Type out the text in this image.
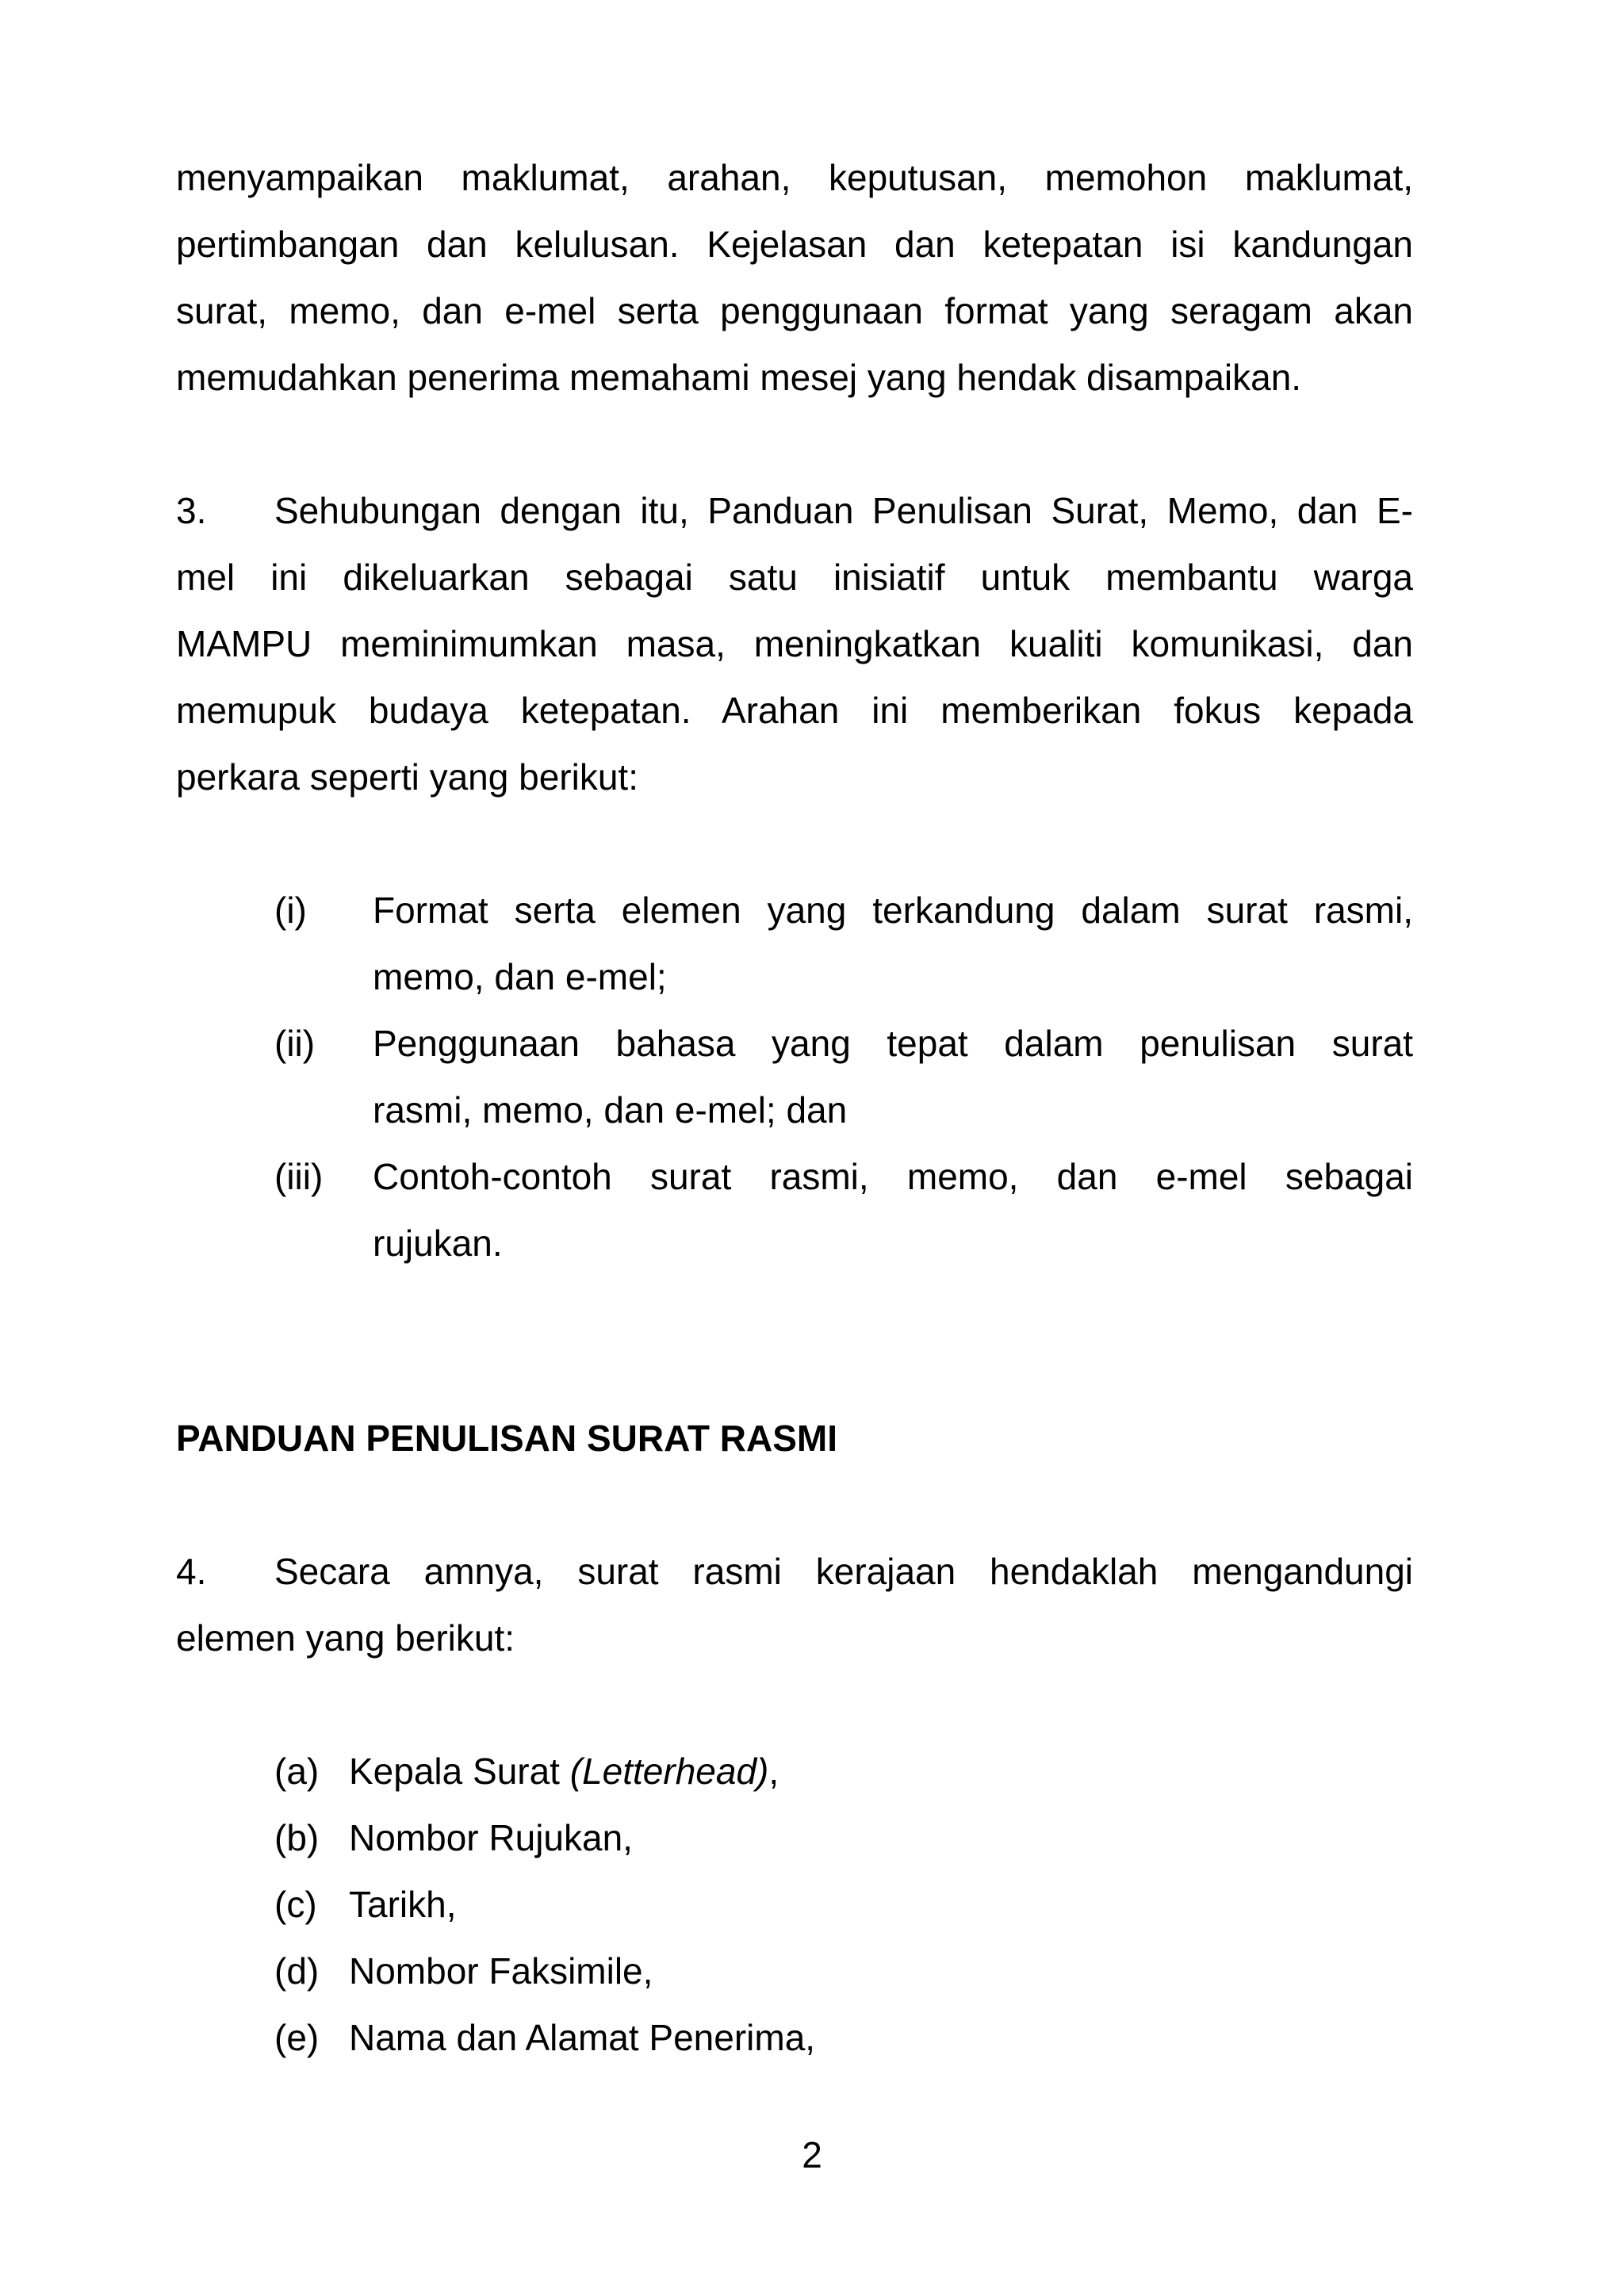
menyampaikan maklumat, arahan, keputusan, memohon maklumat,
pertimbangan dan kelulusan. Kejelasan dan ketepatan isi kandungan
surat, memo, dan e-mel serta penggunaan format yang seragam akan
memudahkan penerima memahami mesej yang hendak disampaikan.
3. Sehubungan dengan itu, Panduan Penulisan Surat, Memo, dan E-
mel ini dikeluarkan sebagai satu inisiatif untuk membantu warga
MAMPU meminimumkan masa, meningkatkan kualiti komunikasi, dan
memupuk budaya ketepatan. Arahan ini memberikan fokus kepada
perkara seperti yang berikut:
(i) Format serta elemen yang terkandung dalam surat rasmi,
memo, dan e-mel;
(ii) Penggunaan bahasa yang tepat dalam penulisan surat
rasmi, memo, dan e-mel; dan
(iii) Contoh-contoh surat rasmi, memo, dan e-mel sebagai
rujukan.
PANDUAN PENULISAN SURAT RASMI
4. Secara amnya, surat rasmi kerajaan hendaklah mengandungi
elemen yang berikut:
(a) Kepala Surat (Letterhead),
(b) Nombor Rujukan,
(c) Tarikh,
(d) Nombor Faksimile,
(e) Nama dan Alamat Penerima,
2
